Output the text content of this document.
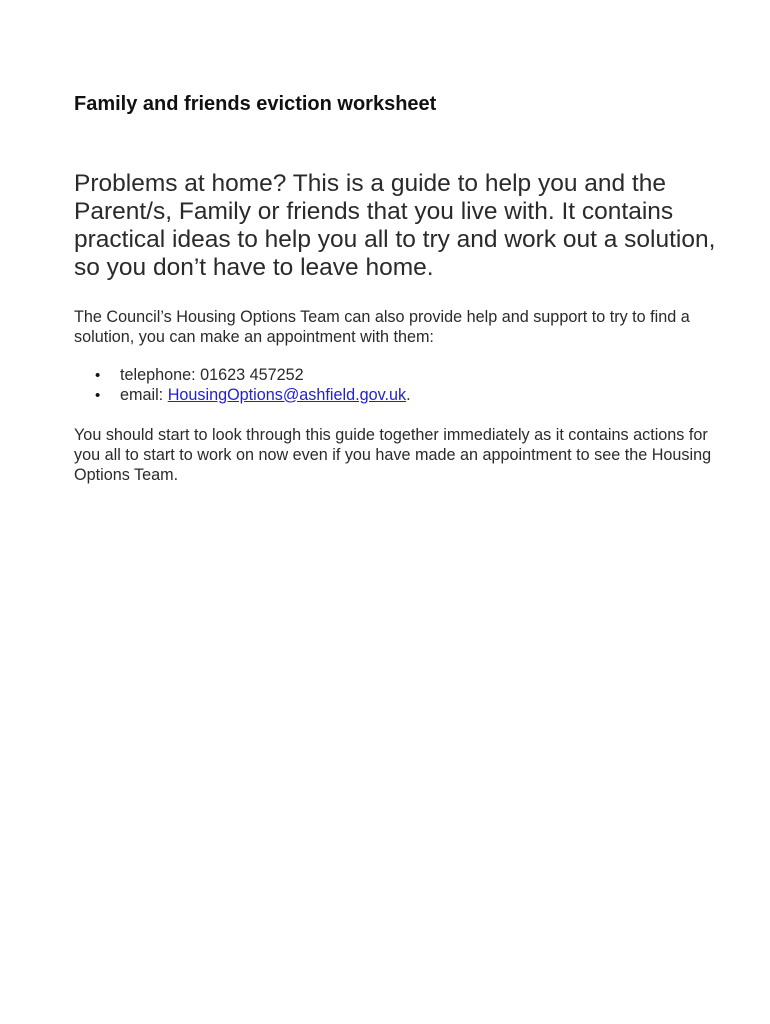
Family and friends eviction worksheet

Problems at home? This is a guide to help you and the Parent/s, Family or friends that you live with. It contains practical ideas to help you all to try and work out a solution, so you don’t have to leave home.

The Council’s Housing Options Team can also provide help and support to try to find a solution, you can make an appointment with them:

• telephone: 01623 457252
• email: HousingOptions@ashfield.gov.uk.

You should start to look through this guide together immediately as it contains actions for you all to start to work on now even if you have made an appointment to see the Housing Options Team.
